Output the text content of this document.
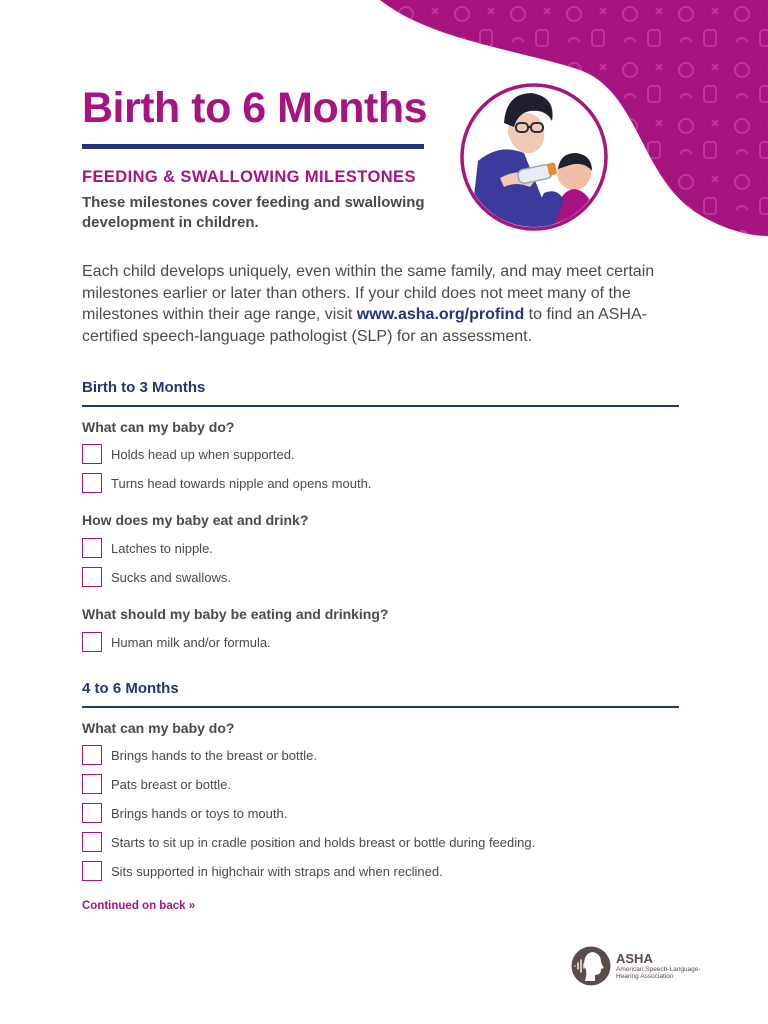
Birth to 6 Months
FEEDING & SWALLOWING MILESTONES
These milestones cover feeding and swallowing development in children.
Each child develops uniquely, even within the same family, and may meet certain milestones earlier or later than others. If your child does not meet many of the milestones within their age range, visit www.asha.org/profind to find an ASHA-certified speech-language pathologist (SLP) for an assessment.
Birth to 3 Months
What can my baby do?
Holds head up when supported.
Turns head towards nipple and opens mouth.
How does my baby eat and drink?
Latches to nipple.
Sucks and swallows.
What should my baby be eating and drinking?
Human milk and/or formula.
4 to 6 Months
What can my baby do?
Brings hands to the breast or bottle.
Pats breast or bottle.
Brings hands or toys to mouth.
Starts to sit up in cradle position and holds breast or bottle during feeding.
Sits supported in highchair with straps and when reclined.
Continued on back »
ASHA
American Speech-Language-Hearing Association
